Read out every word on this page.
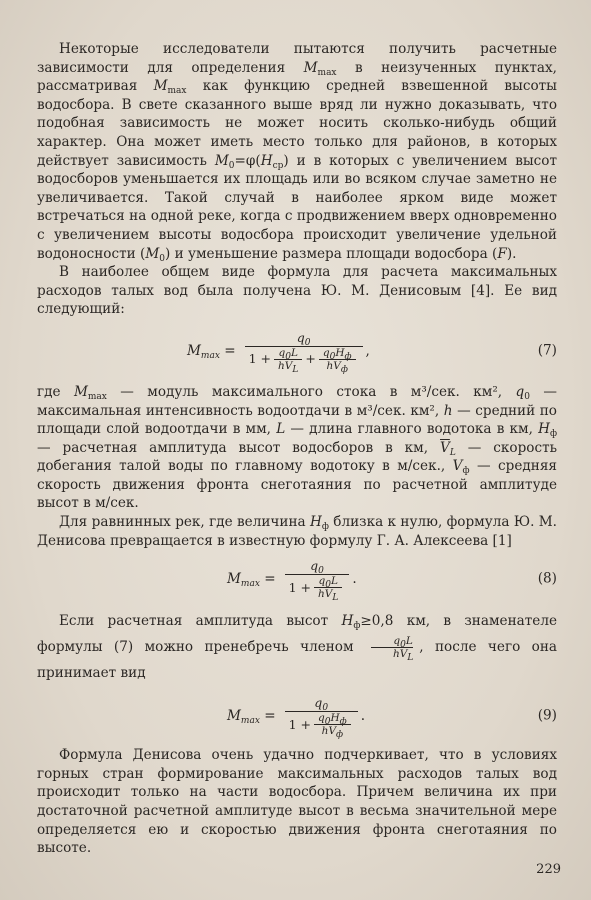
Некоторые исследователи пытаются получить расчетные зависимости для определения $M_{max}$ в неизученных пунктах, рассматривая $M_{max}$ как функцию средней взвешенной высоты водосбора. В свете сказанного выше вряд ли нужно доказывать, что подобная зависимость не может носить сколько-нибудь общий характер. Она может иметь место только для районов, в которых действует зависимость $M_0=\varphi(H_{ср})$ и в которых с увеличением высот водосборов уменьшается их площадь или во всяком случае заметно не увеличивается. Такой случай в наиболее ярком виде может встречаться на одной реке, когда с продвижением вверх одновременно с увеличением высоты водосбора происходит увеличение удельной водоносности $(M_0)$ и уменьшение размера площади водосбора (F).

В наиболее общем виде формула для расчета максимальных расходов талых вод была получена Ю. М. Денисовым [4]. Ее вид следующий:

$M_{max} = \frac{q_0}{1 + \frac{q_0L}{h\overline{V}_L} + \frac{q_0H_ф}{h\overline{V}_ф}}$ ,	(7)

где $M_{max}$ — модуль максимального стока в м³/сек. км², $q_0$ — максимальная интенсивность водоотдачи в м³/сек. км², h — средний по площади слой водоотдачи в мм, L — длина главного водотока в км, $H_ф$ — расчетная амплитуда высот водосборов в км, $\overline{V}_L$ — скорость добегания талой воды по главному водотоку в м/сек., $V_ф$ — средняя скорость движения фронта снеготаяния по расчетной амплитуде высот в м/сек.

Для равнинных рек, где величина $H_ф$ близка к нулю, формула Ю. М. Денисова превращается в известную формулу Г. А. Алексеева [1]

$M_{max} = \frac{q_0}{1 + \frac{q_0L}{h\overline{V}_L}}$ .	(8)

Если расчетная амплитуда высот $H_ф\ge 0,8$ км, в знаменателе формулы (7) можно пренебречь членом	$q_0L$
$h\overline{V}_L$
, после чего она принимает вид

$M_{max} = \frac{q_0}{1 + \frac{q_0H_ф}{h\overline{V}_ф}}$ .	(9)

Формула Денисова очень удачно подчеркивает, что в условиях горных стран формирование максимальных расходов талых вод происходит только на части водосбора. Причем величина их при достаточной расчетной амплитуде высот в весьма значительной мере определяется ею и скоростью движения фронта снеготаяния по высоте.

229
